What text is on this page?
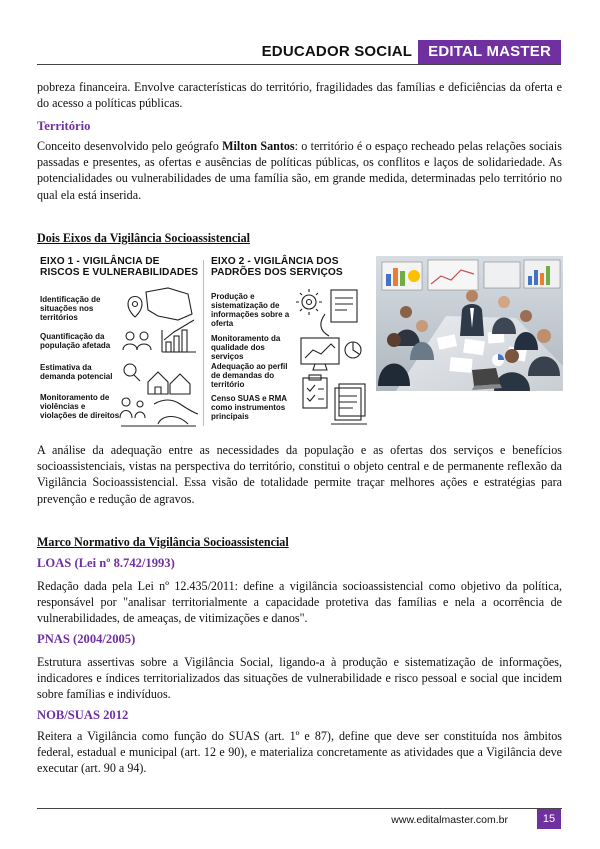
EDUCADOR SOCIAL	EDITAL MASTER

pobreza financeira. Envolve características do território, fragilidades das famílias e deficiências da oferta e do acesso a políticas públicas.

Território

Conceito desenvolvido pelo geógrafo Milton Santos: o território é o espaço recheado pelas relações sociais passadas e presentes, as ofertas e ausências de políticas públicas, os conflitos e laços de solidariedade. As potencialidades ou vulnerabilidades de uma família são, em grande medida, determinadas pelo território no qual ela está inserida.

Dois Eixos da Vigilância Socioassistencial

EIXO 1 - VIGILÂNCIA DE
RISCOS E VULNERABILIDADES

Identificação de situações nos territórios

Quantificação da população afetada

Estimativa da demanda potencial

Monitoramento de violências e violações de direitos

EIXO 2 - VIGILÂNCIA DOS
PADRÕES DOS SERVIÇOS

Produção e sistematização de informações sobre a oferta

Monitoramento da qualidade dos serviços

Adequação ao perfil de demandas do território

Censo SUAS e RMA como instrumentos principais

A análise da adequação entre as necessidades da população e as ofertas dos serviços e benefícios socioassistenciais, vistas na perspectiva do território, constitui o objeto central e de permanente reflexão da Vigilância Socioassistencial. Essa visão de totalidade permite traçar melhores ações e estratégias para prevenção e redução de agravos.

Marco Normativo da Vigilância Socioassistencial

LOAS (Lei nº 8.742/1993)

Redação dada pela Lei nº 12.435/2011: define a vigilância socioassistencial como objetivo da política, responsável por "analisar territorialmente a capacidade protetiva das famílias e nela a ocorrência de vulnerabilidades, de ameaças, de vitimizações e danos".

PNAS (2004/2005)

Estrutura assertivas sobre a Vigilância Social, ligando-a à produção e sistematização de informações, indicadores e índices territorializados das situações de vulnerabilidade e risco pessoal e social que incidem sobre famílias e indivíduos.

NOB/SUAS 2012

Reitera a Vigilância como função do SUAS (art. 1º e 87), define que deve ser constituída nos âmbitos federal, estadual e municipal (art. 12 e 90), e materializa concretamente as atividades que a Vigilância deve executar (art. 90 a 94).

www.editalmaster.com.br	15
